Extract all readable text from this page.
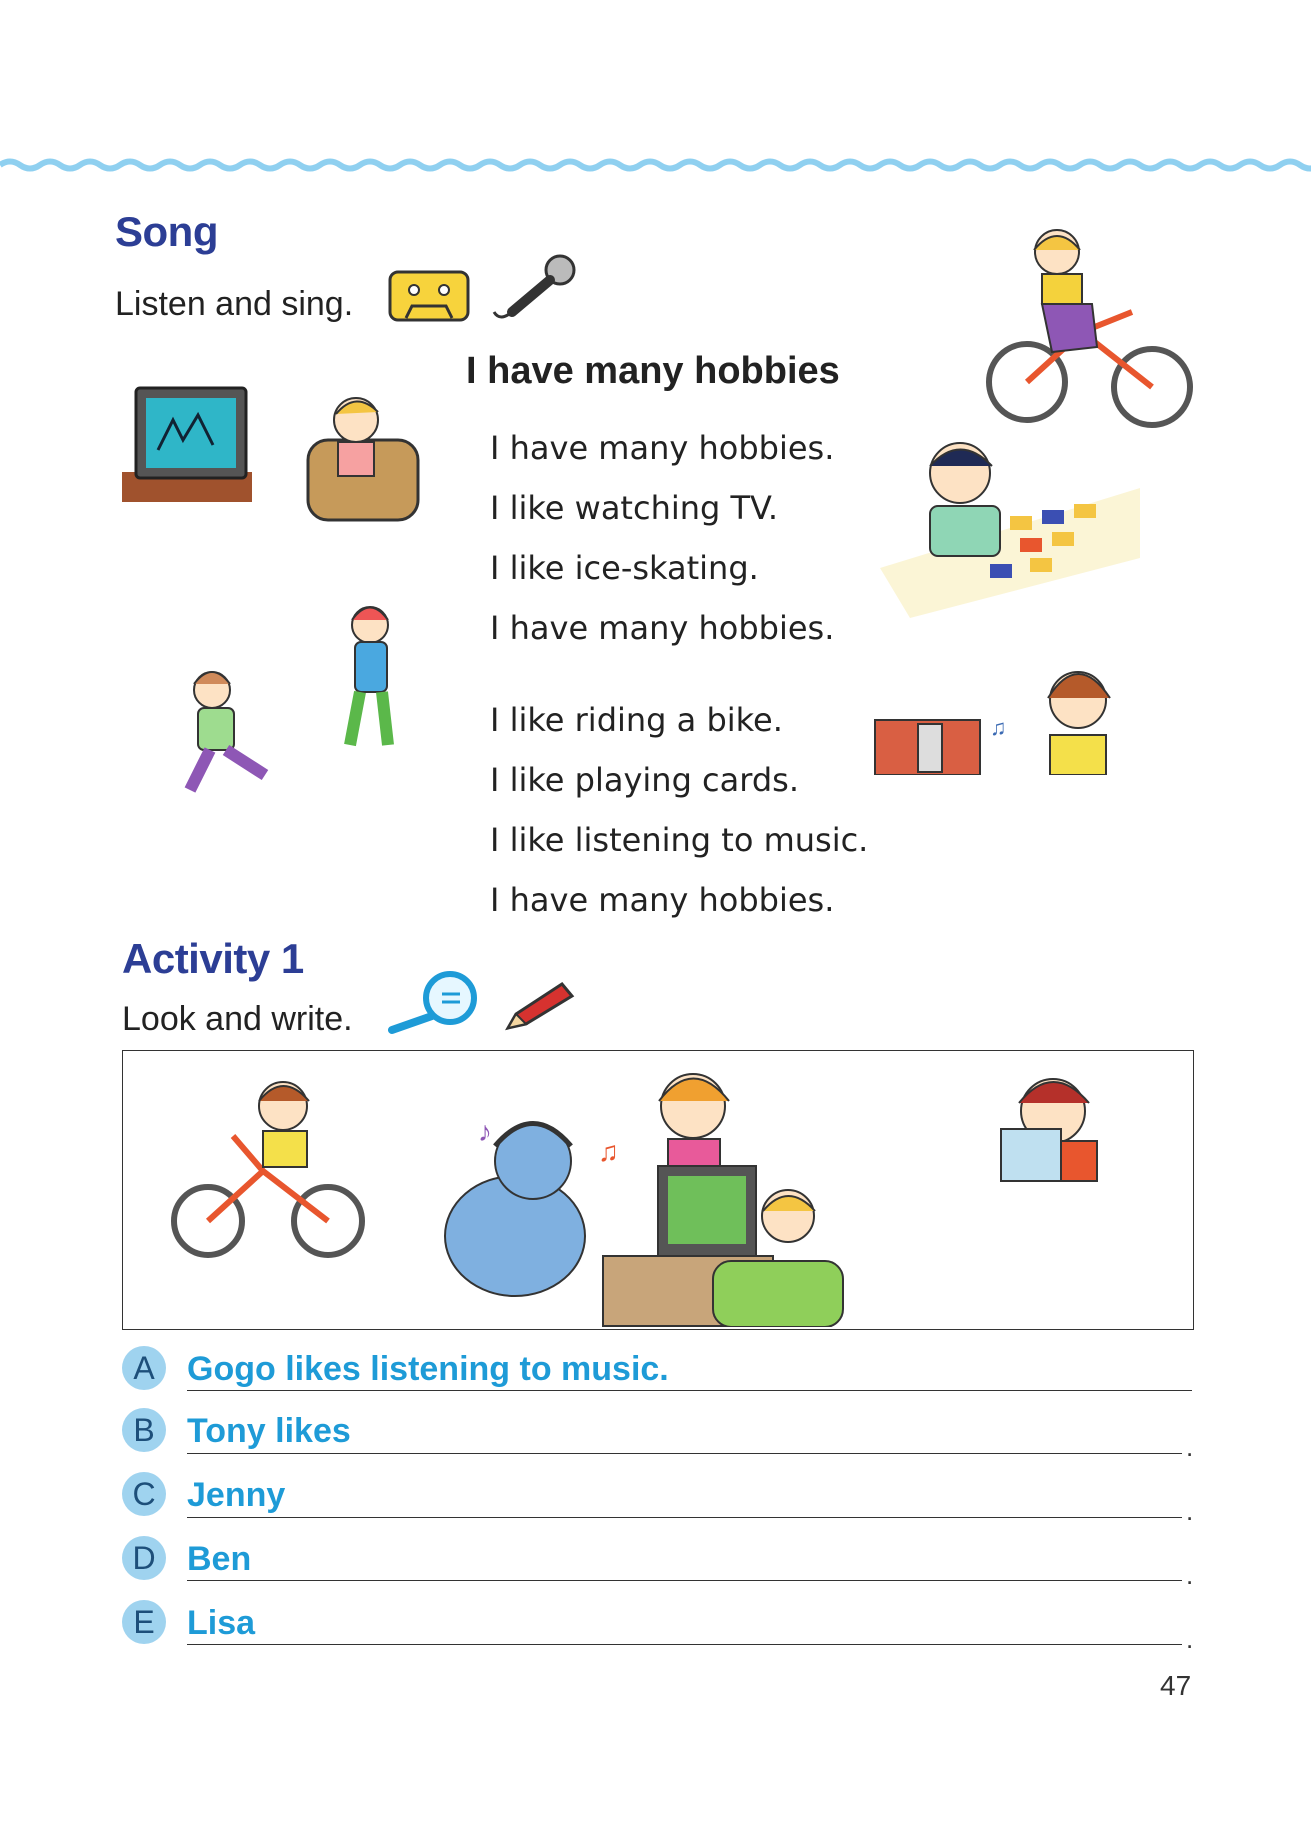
Song
Listen and sing.
I have many hobbies
I have many hobbies.
I like watching TV.
I like ice-skating.
I have many hobbies.
I like riding a bike.
I like playing cards.
I like listening to music.
I have many hobbies.
♫
Activity 1
Look and write.
♪
♫
A Gogo likes listening to music.
B Tony likes	.
C Jenny	.
D Ben	.
E Lisa	.
47
